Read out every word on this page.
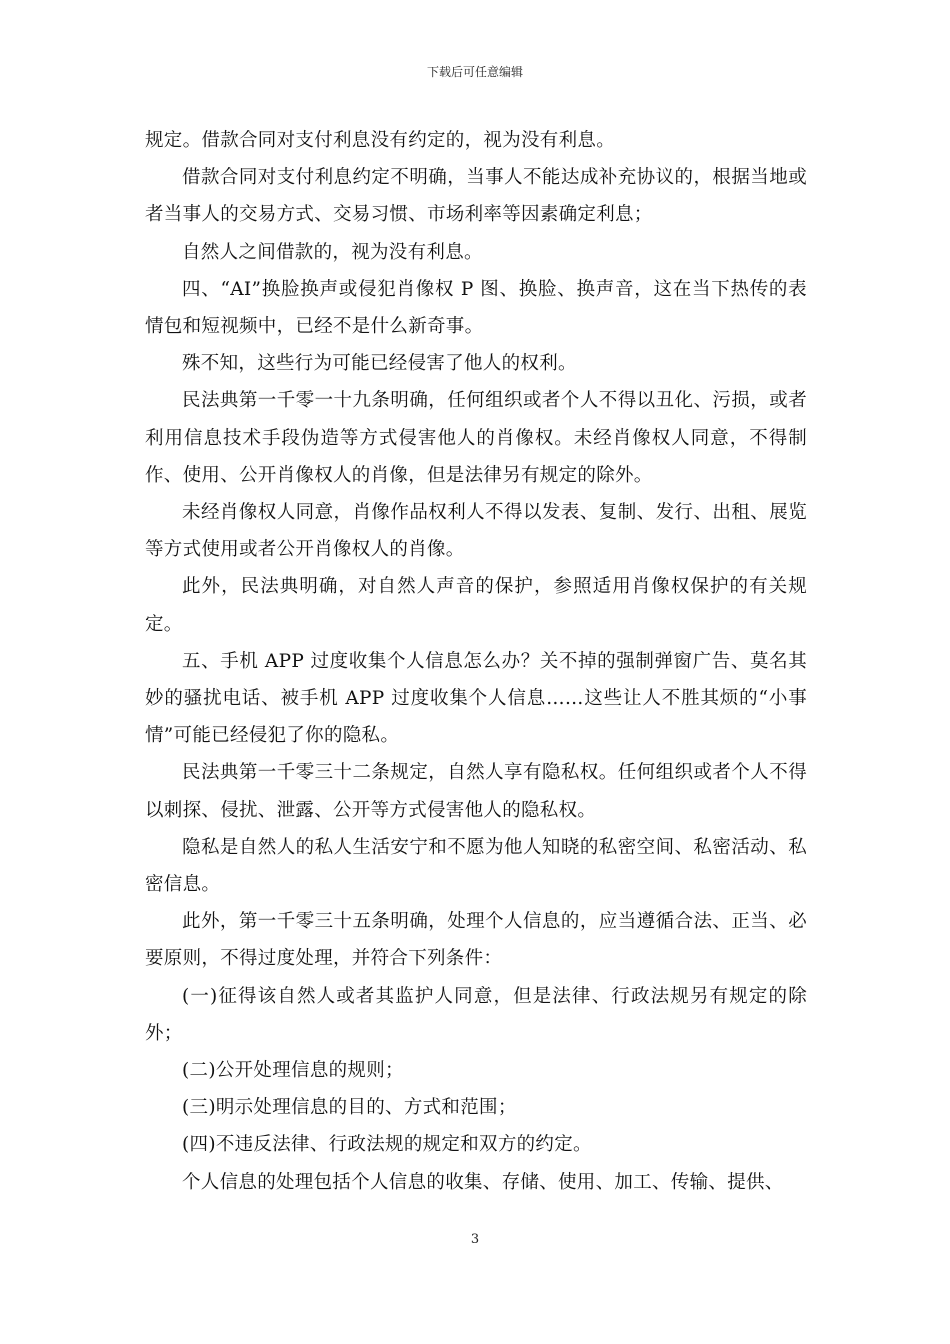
下载后可任意编辑

规定。借款合同对支付利息没有约定的，视为没有利息。

借款合同对支付利息约定不明确，当事人不能达成补充协议的，根据当地或者当事人的交易方式、交易习惯、市场利率等因素确定利息；

自然人之间借款的，视为没有利息。

四、“AI”换脸换声或侵犯肖像权 P 图、换脸、换声音，这在当下热传的表情包和短视频中，已经不是什么新奇事。

殊不知，这些行为可能已经侵害了他人的权利。

民法典第一千零一十九条明确，任何组织或者个人不得以丑化、污损，或者利用信息技术手段伪造等方式侵害他人的肖像权。未经肖像权人同意，不得制作、使用、公开肖像权人的肖像，但是法律另有规定的除外。

未经肖像权人同意，肖像作品权利人不得以发表、复制、发行、出租、展览等方式使用或者公开肖像权人的肖像。

此外，民法典明确，对自然人声音的保护，参照适用肖像权保护的有关规定。

五、手机 APP 过度收集个人信息怎么办？关不掉的强制弹窗广告、莫名其妙的骚扰电话、被手机 APP 过度收集个人信息……这些让人不胜其烦的“小事情”可能已经侵犯了你的隐私。

民法典第一千零三十二条规定，自然人享有隐私权。任何组织或者个人不得以刺探、侵扰、泄露、公开等方式侵害他人的隐私权。

隐私是自然人的私人生活安宁和不愿为他人知晓的私密空间、私密活动、私密信息。

此外，第一千零三十五条明确，处理个人信息的，应当遵循合法、正当、必要原则，不得过度处理，并符合下列条件：

(一)征得该自然人或者其监护人同意，但是法律、行政法规另有规定的除外；

(二)公开处理信息的规则；

(三)明示处理信息的目的、方式和范围；

(四)不违反法律、行政法规的规定和双方的约定。

个人信息的处理包括个人信息的收集、存储、使用、加工、传输、提供、

3
